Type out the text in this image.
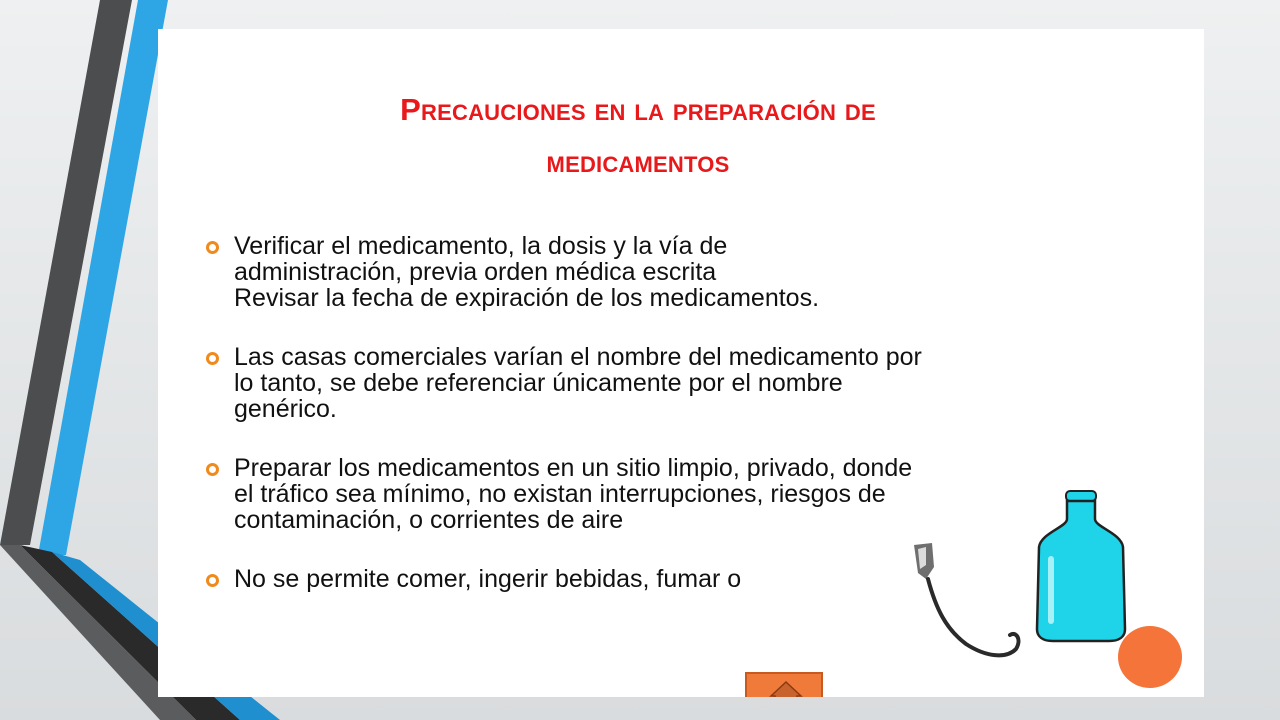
Precauciones en la preparación de
medicamentos
Verificar el medicamento, la dosis y la vía de
administración, previa orden médica escrita
Revisar la fecha de expiración de los medicamentos.
Las casas comerciales varían el nombre del medicamento por
lo tanto, se debe referenciar únicamente por el nombre
genérico.
Preparar los medicamentos en un sitio limpio, privado, donde
el tráfico sea mínimo, no existan interrupciones, riesgos de
contaminación, o corrientes de aire
No se permite comer, ingerir bebidas, fumar o
